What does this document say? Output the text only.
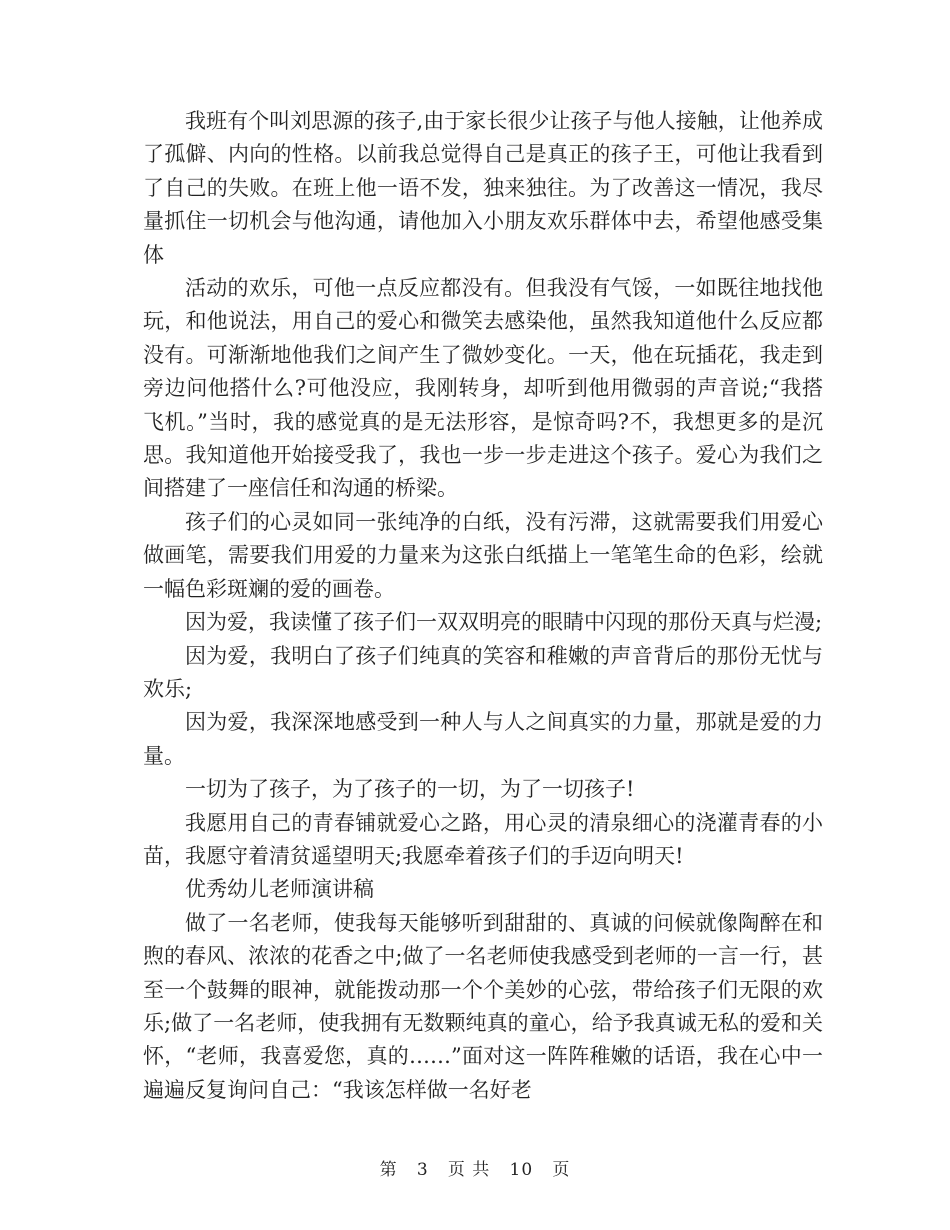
我班有个叫刘思源的孩子,由于家长很少让孩子与他人接触，让他养成了孤僻、内向的性格。以前我总觉得自己是真正的孩子王，可他让我看到了自己的失败。在班上他一语不发，独来独往。为了改善这一情况，我尽量抓住一切机会与他沟通，请他加入小朋友欢乐群体中去，希望他感受集体

活动的欢乐，可他一点反应都没有。但我没有气馁，一如既往地找他玩，和他说法，用自己的爱心和微笑去感染他，虽然我知道他什么反应都没有。可渐渐地他我们之间产生了微妙变化。一天，他在玩插花，我走到旁边问他搭什么?可他没应，我刚转身，却听到他用微弱的声音说;“我搭飞机。”当时，我的感觉真的是无法形容，是惊奇吗?不，我想更多的是沉思。我知道他开始接受我了，我也一步一步走进这个孩子。爱心为我们之间搭建了一座信任和沟通的桥梁。

孩子们的心灵如同一张纯净的白纸，没有污滞，这就需要我们用爱心做画笔，需要我们用爱的力量来为这张白纸描上一笔笔生命的色彩，绘就一幅色彩斑斓的爱的画卷。

因为爱，我读懂了孩子们一双双明亮的眼睛中闪现的那份天真与烂漫;

因为爱，我明白了孩子们纯真的笑容和稚嫩的声音背后的那份无忧与欢乐;

因为爱，我深深地感受到一种人与人之间真实的力量，那就是爱的力量。

一切为了孩子，为了孩子的一切，为了一切孩子!

我愿用自己的青春铺就爱心之路，用心灵的清泉细心的浇灌青春的小苗，我愿守着清贫遥望明天;我愿牵着孩子们的手迈向明天!

优秀幼儿老师演讲稿

做了一名老师，使我每天能够听到甜甜的、真诚的问候就像陶醉在和煦的春风、浓浓的花香之中;做了一名老师使我感受到老师的一言一行，甚至一个鼓舞的眼神，就能拨动那一个个美妙的心弦，带给孩子们无限的欢乐;做了一名老师，使我拥有无数颗纯真的童心，给予我真诚无私的爱和关怀，“老师，我喜爱您，真的……”面对这一阵阵稚嫩的话语，我在心中一遍遍反复询问自己：“我该怎样做一名好老

第 3 页 共 10 页
